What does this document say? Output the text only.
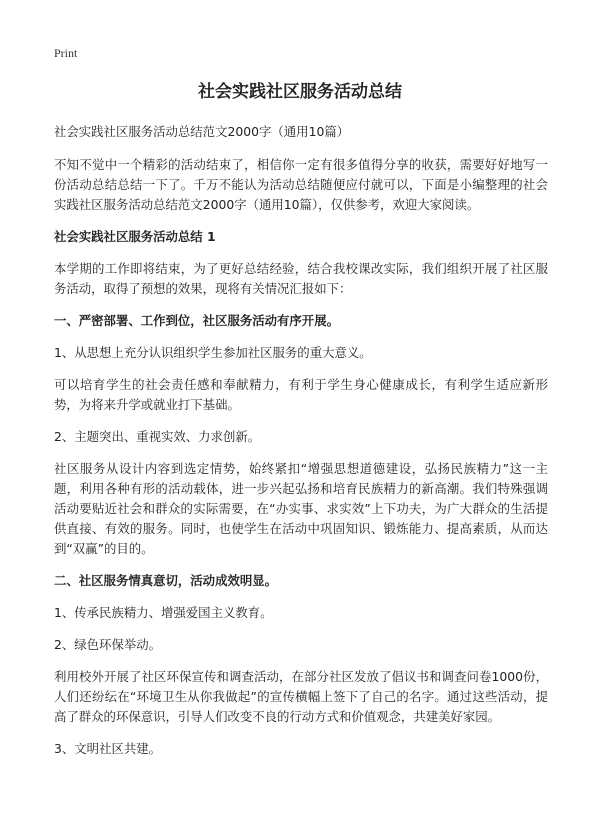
Print
社会实践社区服务活动总结

社会实践社区服务活动总结范文2000字（通用10篇）

不知不觉中一个精彩的活动结束了，相信你一定有很多值得分享的收获，需要好好地写一份活动总结总结一下了。千万不能认为活动总结随便应付就可以，下面是小编整理的社会实践社区服务活动总结范文2000字（通用10篇），仅供参考，欢迎大家阅读。

社会实践社区服务活动总结 1

本学期的工作即将结束，为了更好总结经验，结合我校课改实际，我们组织开展了社区服务活动，取得了预想的效果，现将有关情况汇报如下：

一、严密部署、工作到位，社区服务活动有序开展。

1、从思想上充分认识组织学生参加社区服务的重大意义。

可以培育学生的社会责任感和奉献精力，有利于学生身心健康成长，有利学生适应新形势，为将来升学或就业打下基础。

2、主题突出、重视实效、力求创新。

社区服务从设计内容到选定情势，始终紧扣“增强思想道德建设，弘扬民族精力”这一主题，利用各种有形的活动载体，进一步兴起弘扬和培育民族精力的新高潮。我们特殊强调活动要贴近社会和群众的实际需要，在“办实事、求实效”上下功夫，为广大群众的生活提供直接、有效的服务。同时，也使学生在活动中巩固知识、锻炼能力、提高素质，从而达到“双赢”的目的。

二、社区服务情真意切，活动成效明显。

1、传承民族精力、增强爱国主义教育。

2、绿色环保举动。

利用校外开展了社区环保宣传和调查活动，在部分社区发放了倡议书和调查问卷1000份，人们还纷纭在“环境卫生从你我做起”的宣传横幅上签下了自己的名字。通过这些活动，提高了群众的环保意识，引导人们改变不良的行动方式和价值观念，共建美好家园。

3、文明社区共建。
